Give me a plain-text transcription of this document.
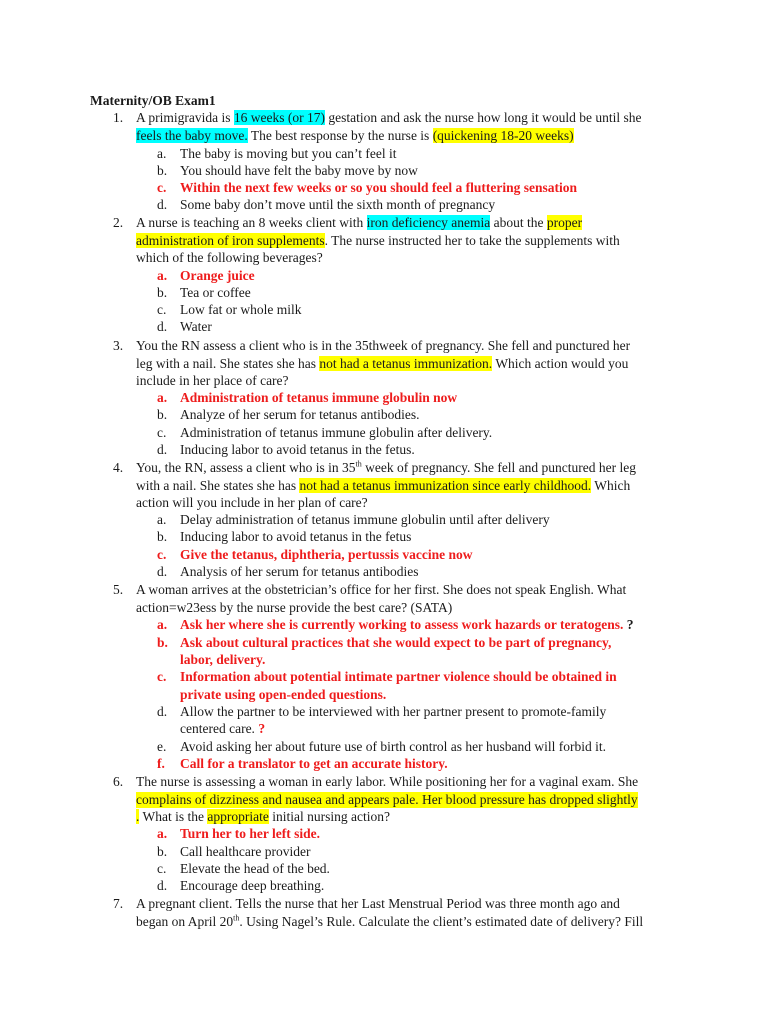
Maternity/OB Exam1
1. A primigravida is 16 weeks (or 17) gestation and ask the nurse how long it would be until she
feels the baby move. The best response by the nurse is (quickening 18-20 weeks)
a.	The baby is moving but you can’t feel it
b. You should have felt the baby move by now
c.	Within the next few weeks or so you should feel a fluttering sensation
d. Some baby don’t move until the sixth month of pregnancy
2. A nurse is teaching an 8 weeks client with iron deficiency anemia about the proper
administration of iron supplements. The nurse instructed her to take the supplements with
which of the following beverages?
a. Orange juice
b. Tea or coffee
c.	Low fat or whole milk
d. Water
3. You the RN assess a client who is in the 35thweek of pregnancy. She fell and punctured her
leg with a nail. She states she has not had a tetanus immunization. Which action would you
include in her place of care?
a. Administration of tetanus immune globulin now
b. Analyze of her serum for tetanus antibodies.
c.	Administration of tetanus immune globulin after delivery.
d. Inducing labor to avoid tetanus in the fetus.
4. You, the RN, assess a client who is in 35th week of pregnancy. She fell and punctured her leg
with a nail. She states she has not had a tetanus immunization since early childhood. Which
action will you include in her plan of care?
a.	Delay administration of tetanus immune globulin until after delivery
b. Inducing labor to avoid tetanus in the fetus
c.	Give the tetanus, diphtheria, pertussis vaccine now
d. Analysis of her serum for tetanus antibodies
5. A woman arrives at the obstetrician’s office for her first. She does not speak English. What
action=w23ess by the nurse provide the best care? (SATA)
a. Ask her where she is currently working to assess work hazards or teratogens. ?
b. Ask about cultural practices that she would expect to be part of pregnancy,
labor, delivery.
c.	Information about potential intimate partner violence should be obtained in
private using open-ended questions.
d. Allow the partner to be interviewed with her partner present to promote-family
centered care. ?
e.	Avoid asking her about future use of birth control as her husband will forbid it.
f.	Call for a translator to get an accurate history.
6. The nurse is assessing a woman in early labor. While positioning her for a vaginal exam. She
complains of dizziness and nausea and appears pale. Her blood pressure has dropped slightly
. What is the appropriate initial nursing action?
a. Turn her to her left side.
b. Call healthcare provider
c.	Elevate the head of the bed.
d. Encourage deep breathing.
7. A pregnant client. Tells the nurse that her Last Menstrual Period was three month ago and
began on April 20th. Using Nagel’s Rule. Calculate the client’s estimated date of delivery? Fill
